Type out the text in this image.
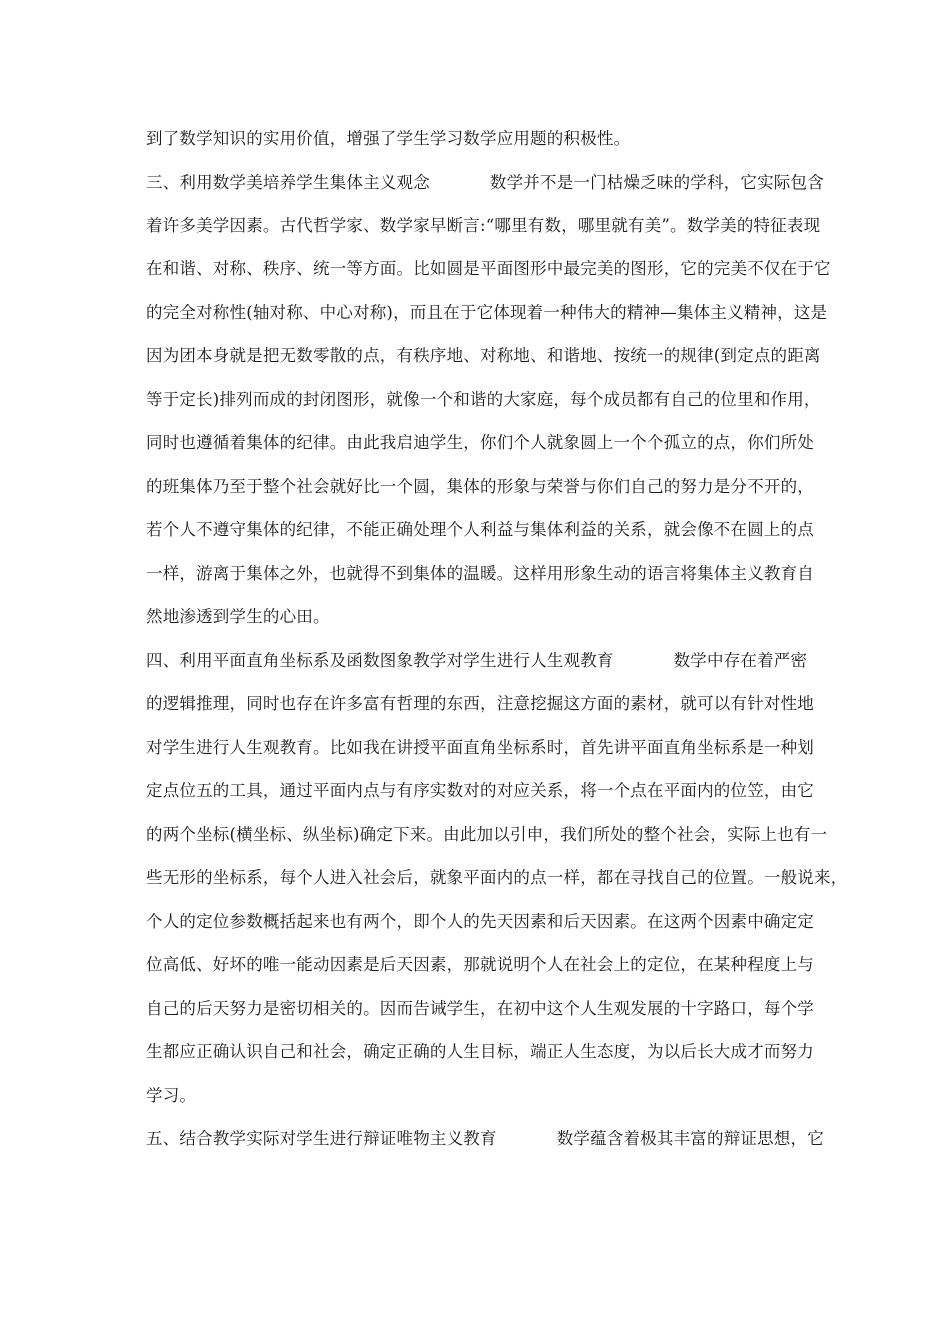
到了数学知识的实用价值，增强了学生学习数学应用题的积极性。
三、利用数学美培养学生集体主义观念	数学并不是一门枯燥乏味的学科，它实际包含
着许多美学因素。古代哲学家、数学家早断言:“哪里有数，哪里就有美”。数学美的特征表现
在和谐、对称、秩序、统一等方面。比如圆是平面图形中最完美的图形，它的完美不仅在于它
的完全对称性(轴对称、中心对称)，而且在于它体现着一种伟大的精神—集体主义精神，这是
因为团本身就是把无数零散的点，有秩序地、对称地、和谐地、按统一的规律(到定点的距离
等于定长)排列而成的封闭图形，就像一个和谐的大家庭，每个成员都有自己的位里和作用，
同时也遵循着集体的纪律。由此我启迪学生，你们个人就象圆上一个个孤立的点，你们所处
的班集体乃至于整个社会就好比一个圆，集体的形象与荣誉与你们自己的努力是分不开的，
若个人不遵守集体的纪律，不能正确处理个人利益与集体利益的关系，就会像不在圆上的点
一样，游离于集体之外，也就得不到集体的温暖。这样用形象生动的语言将集体主义教育自
然地渗透到学生的心田。
四、利用平面直角坐标系及函数图象教学对学生进行人生观教育	数学中存在着严密
的逻辑推理，同时也存在许多富有哲理的东西，注意挖掘这方面的素材，就可以有针对性地
对学生进行人生观教育。比如我在讲授平面直角坐标系时，首先讲平面直角坐标系是一种划
定点位五的工具，通过平面内点与有序实数对的对应关系，将一个点在平面内的位笠，由它
的两个坐标(横坐标、纵坐标)确定下来。由此加以引申，我们所处的整个社会，实际上也有一
些无形的坐标系，每个人进入社会后，就象平面内的点一样，都在寻找自己的位置。一般说来，
个人的定位参数概括起来也有两个，即个人的先天因素和后天因素。在这两个因素中确定定
位高低、好坏的唯一能动因素是后天因素，那就说明个人在社会上的定位，在某种程度上与
自己的后天努力是密切相关的。因而告诫学生，在初中这个人生观发展的十字路口，每个学
生都应正确认识自己和社会，确定正确的人生目标，端正人生态度，为以后长大成才而努力
学习。
五、结合教学实际对学生进行辩证唯物主义教育	数学蕴含着极其丰富的辩证思想，它
